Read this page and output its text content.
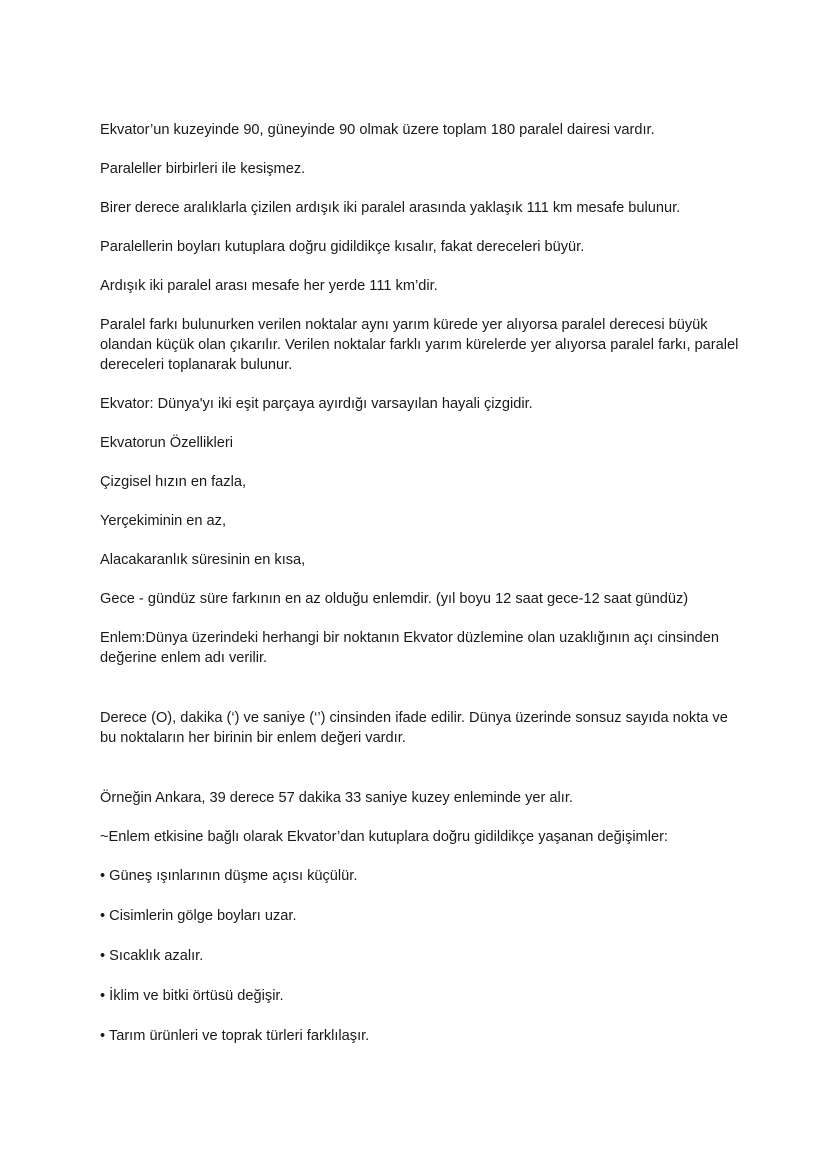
Ekvator’un kuzeyinde 90, güneyinde 90 olmak üzere toplam 180 paralel dairesi vardır.

Paraleller birbirleri ile kesişmez.

Birer derece aralıklarla çizilen ardışık iki paralel arasında yaklaşık 111 km mesafe bulunur.

Paralellerin boyları kutuplara doğru gidildikçe kısalır, fakat dereceleri büyür.

Ardışık iki paralel arası mesafe her yerde 111 km’dir.

Paralel farkı bulunurken verilen noktalar aynı yarım kürede yer alıyorsa paralel derecesi büyük olandan küçük olan çıkarılır. Verilen noktalar farklı yarım kürelerde yer alıyorsa paralel farkı, paralel dereceleri toplanarak bulunur.

Ekvator: Dünya'yı iki eşit parçaya ayırdığı varsayılan hayali çizgidir.

Ekvatorun Özellikleri

Çizgisel hızın en fazla,

Yerçekiminin en az,

Alacakaranlık süresinin en kısa,

Gece - gündüz süre farkının en az olduğu enlemdir. (yıl boyu 12 saat gece-12 saat gündüz)

Enlem:Dünya üzerindeki herhangi bir noktanın Ekvator düzlemine olan uzaklığının açı cinsinden değerine enlem adı verilir.

Derece (O), dakika (‘) ve saniye (‘’) cinsinden ifade edilir. Dünya üzerinde sonsuz sayıda nokta ve bu noktaların her birinin bir enlem değeri vardır.

Örneğin Ankara, 39 derece 57 dakika 33 saniye kuzey enleminde yer alır.

~Enlem etkisine bağlı olarak Ekvator’dan kutuplara doğru gidildikçe yaşanan değişimler:

• Güneş ışınlarının düşme açısı küçülür.

• Cisimlerin gölge boyları uzar.

• Sıcaklık azalır.

• İklim ve bitki örtüsü değişir.

• Tarım ürünleri ve toprak türleri farklılaşır.
